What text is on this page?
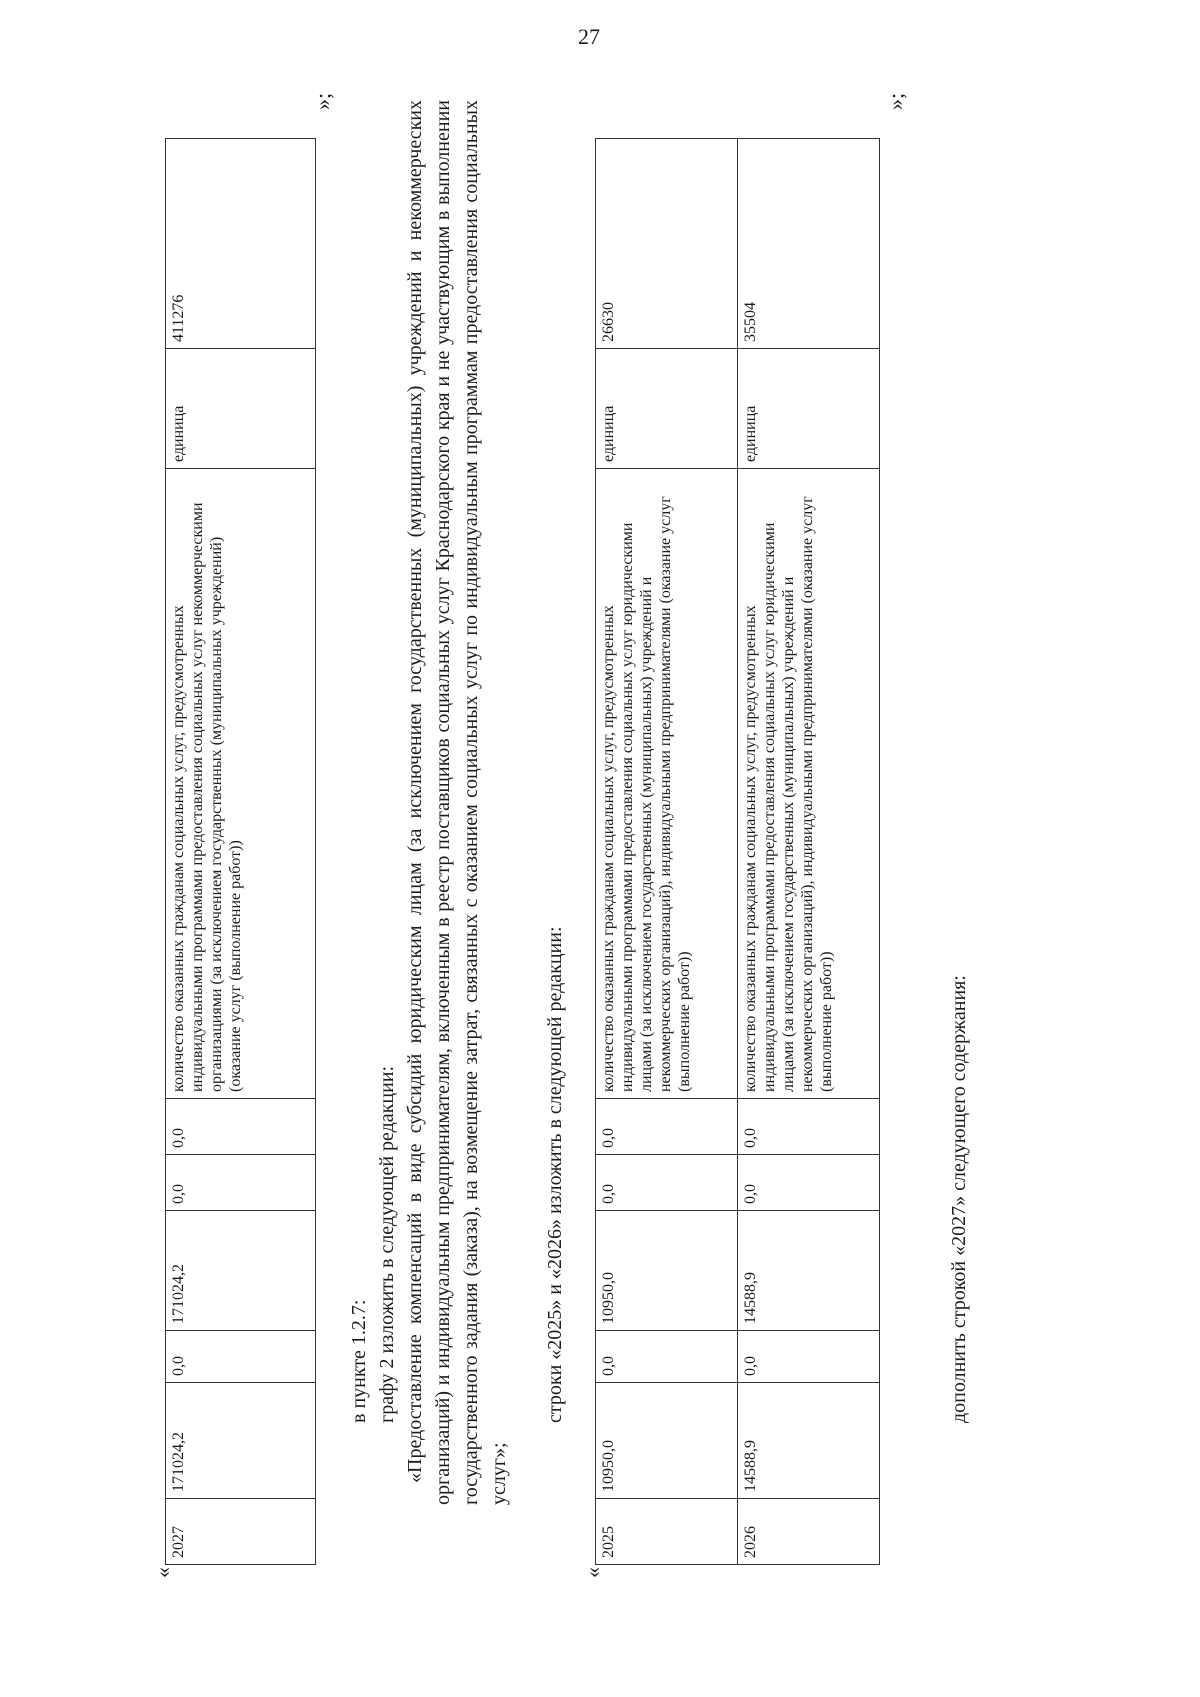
27
«
2027	171024,2	0,0	171024,2	0,0	0,0	количество оказанных гражданам социальных услуг, предусмотренных индивидуальными программами предоставления социальных услуг некоммерческими организациями (за исключением государственных (муниципальных учреждений) (оказание услуг (выполнение работ))	единица	411276
»;
в пункте 1.2.7: графу 2 изложить в следующей редакции: «Предоставление компенсаций в виде субсидий юридическим лицам (за исключением государственных (муниципальных) учреждений и некоммерческих организаций) и индивидуальным предпринимателям, включенным в реестр поставщиков социальных услуг Краснодарского края и не участвующим в выполнении государственного задания (заказа), на возмещение затрат, связанных с оказанием социальных услуг по индивидуальным программам предоставления социальных услуг»;
строки «2025» и «2026» изложить в следующей редакции:
«
2025	10950,0	0,0	10950,0	0,0	0,0	количество оказанных гражданам социальных услуг, предусмотренных индивидуальными программами предоставления социальных услуг юридическими лицами (за исключением государственных (муниципальных) учреждений и некоммерческих организаций), индивидуальными предпринимателями (оказание услуг (выполнение работ))	единица	26630
2026	14588,9	0,0	14588,9	0,0	0,0	количество оказанных гражданам социальных услуг, предусмотренных индивидуальными программами предоставления социальных услуг юридическими лицами (за исключением государственных (муниципальных) учреждений и некоммерческих организаций), индивидуальными предпринимателями (оказание услуг (выполнение работ))	единица	35504
»;
дополнить строкой «2027» следующего содержания:
